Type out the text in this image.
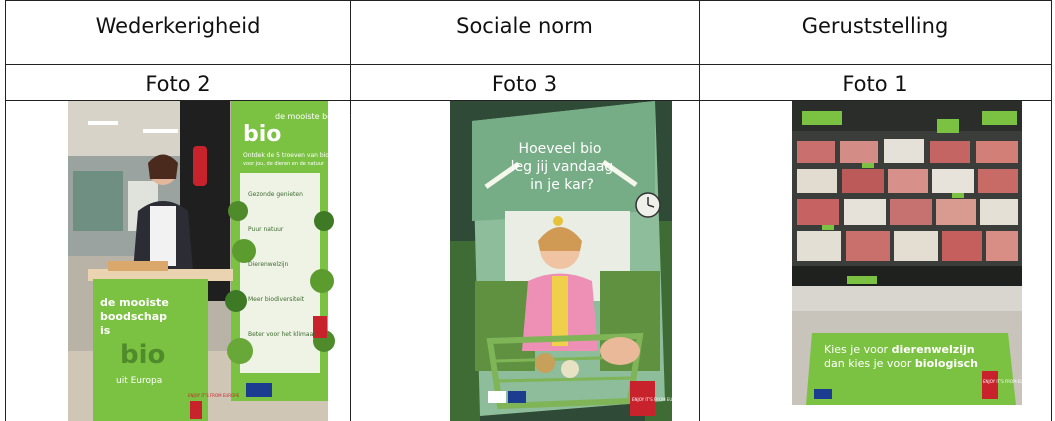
Wederkerigheid	Sociale norm	Geruststelling
Foto 2	Foto 3	Foto 1
de mooiste boodschap
bio
Ontdek de 5 troeven van bio
voor jou, de dieren en de natuur
Gezonde genieten
Puur natuur
Dierenwelzijn
Meer biodiversiteit
Beter voor het klimaat
de mooiste
boodschap
is
bio
uit Europa
ENJOY IT'S FROM EUROPE
Hoeveel bio
leg jij vandaag
in je kar?
ENJOY IT'S FROM EUROPE
Kies je voor dierenwelzijn
dan kies je voor biologisch
ENJOY IT'S FROM EUROPE
